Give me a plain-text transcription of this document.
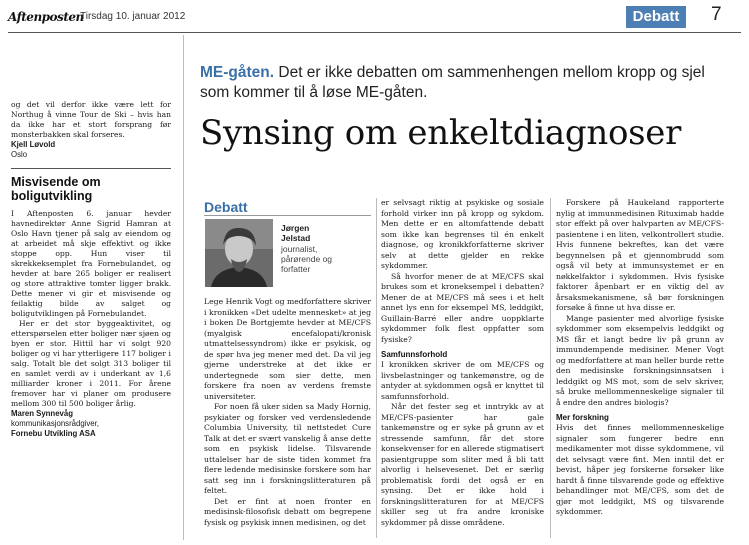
Aftenposten
Tirsdag 10. januar 2012	Debatt	7

og det vil derfor ikke være lett for Northug å vinne Tour de Ski – hvis han da ikke har et stort forsprang før monsterbakken skal forseres.

Kjell Løvold
Oslo
Misvisende om boligutvikling

I Aftenposten 6. januar hevder havnedirektør Anne Sigrid Hamran at Oslo Havn tjener på salg av eiendom og at arbeidet må skje effektivt og ikke stoppe opp. Hun viser til skrekkeksemplet fra Fornebulandet, og hevder at bare 265 boliger er realisert og store attraktive tomter ligger brakk. Dette mener vi gir et misvisende og feilaktig bilde av salget og boligutviklingen på Fornebulandet.

Her er det stor byggeaktivitet, og etterspørselen etter boliger nær sjøen og byen er stor. Hittil har vi solgt 920 boliger og vi har ytterligere 117 boliger i salg. Totalt ble det solgt 313 boliger til en samlet verdi av i underkant av 1,6 milliarder kroner i 2011. For årene fremover har vi planer om produsere mellom 300 til 500 boliger årlig.

Maren Synnevåg
kommunikasjonsrådgiver,
Fornebu Utvikling ASA
ME-gåten. Det er ikke debatten om sammenhengen mellom kropp og sjel som kommer til å løse ME-gåten.
Synsing om enkeltdiagnoser
Debatt
Jørgen
Jelstad
journalist,
pårørende og
forfatter

Lege Henrik Vogt og medforfattere skriver i kronikken «Det udelte mennesket» at jeg i boken De Bortgjemte hevder at ME/CFS (myalgisk encefalopati/kronisk utmattelsessyndrom) ikke er psykisk, og de spør hva jeg mener med det. Da vil jeg gjerne understreke at det ikke er undertegnede som sier dette, men forskere fra noen av verdens fremste universiteter.

For noen få uker siden sa Mady Hornig, psykiater og forsker ved verdensledende Columbia University, til nettstedet Cure Talk at det er svært vanskelig å anse dette som en psykisk lidelse. Tilsvarende uttalelser har de siste tiden kommet fra flere ledende medisinske forskere som har satt seg inn i forskningslitteraturen på feltet.

Det er fint at noen fronter en medisinsk-filosofisk debatt om begrepene fysisk og psykisk innen medisinen, og det

er selvsagt riktig at psykiske og sosiale forhold virker inn på kropp og sykdom. Men dette er en altomfattende debatt som ikke kan begrenses til én enkelt diagnose, og kronikkforfatterne skriver selv at dette gjelder en rekke sykdommer.

Så hvorfor mener de at ME/CFS skal brukes som et kroneksempel i debatten? Mener de at ME/CFS må sees i et helt annet lys enn for eksempel MS, leddgikt, Guillain-Barré eller andre uoppklarte sykdommer folk flest oppfatter som fysiske?

Samfunnsforhold

I kronikken skriver de om ME/CFS og livsbelastninger og tankemønstre, og de antyder at sykdommen også er knyttet til samfunnsforhold.

Når det fester seg et inntrykk av at ME/CFS-pasienter har gale tankemønstre og er syke på grunn av et stressende samfunn, får det store konsekvenser for en allerede stigmatisert pasientgruppe som sliter med å bli tatt alvorlig i helsevesenet. Det er særlig problematisk fordi det også er en synsing. Det er ikke hold i forskningslitteraturen for at ME/CFS skiller seg ut fra andre kroniske sykdommer på disse områdene.

Forskere på Haukeland rapporterte nylig at immunmedisinen Rituximab hadde stor effekt på over halvparten av ME/CFS-pasientene i en liten, velkontrollert studie. Hvis funnene bekreftes, kan det være begynnelsen på et gjennombrudd som også vil bety at immunsystemet er en nøkkelfaktor i sykdommen. Hvis fysiske faktorer åpenbart er en viktig del av årsaksmekanismene, så bør forskningen forsøke å finne ut hva disse er.

Mange pasienter med alvorlige fysiske sykdommer som eksempelvis leddgikt og MS får et langt bedre liv på grunn av immundempende medisiner. Mener Vogt og medforfattere at man heller burde rette den medisinske forskningsinnsatsen i leddgikt og MS mot, som de selv skriver, så bruke mellommenneskelige signaler til å endre den andres biologis?

Mer forskning

Hvis det finnes mellommenneskelige signaler som fungerer bedre enn medikamenter mot disse sykdommene, vil det selvsagt være fint. Men inntil det er bevist, håper jeg forskerne forsøker like hardt å finne tilsvarende gode og effektive behandlinger mot ME/CFS, som det de gjør mot leddgikt, MS og tilsvarende sykdommer.
